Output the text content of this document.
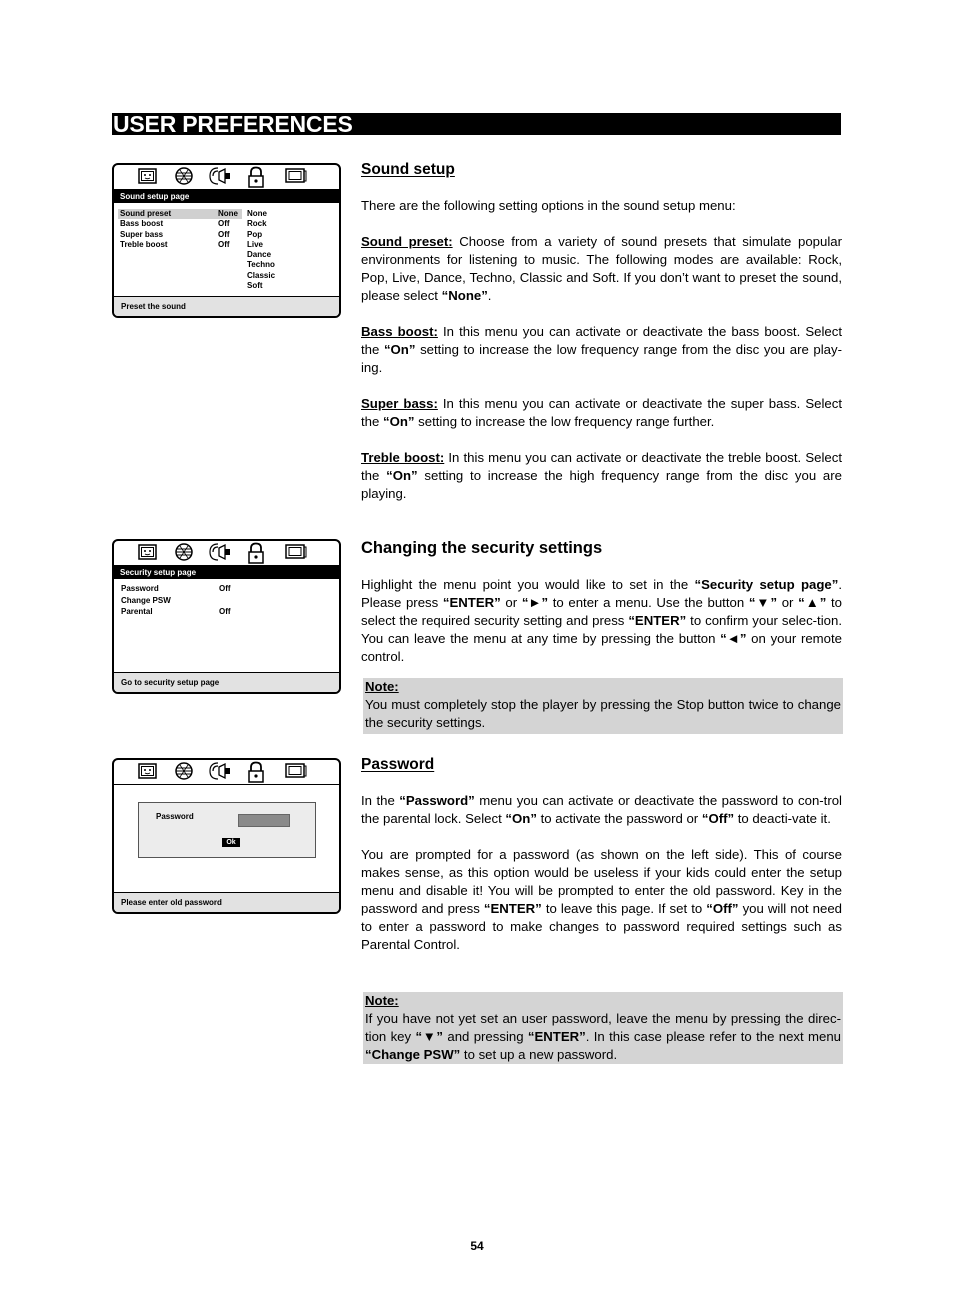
USER PREFERENCES
Sound setup page
Sound preset	None
Bass boost	Off
Super bass	Off
Treble boost	Off
None
Rock
Pop
Live
Dance
Techno
Classic
Soft
Preset the sound
Security setup page
Password	Off
Change PSW
Parental	Off
Go to security setup page
Password
Ok
Please enter old password
Sound setup

There are the following setting options in the sound setup menu:

Sound preset: Choose from a variety of sound presets that simulate popular environments for listening to music. The following modes are available: Rock, Pop, Live, Dance, Techno, Classic and Soft. If you don’t want to preset the sound, please select “None”.

Bass boost: In this menu you can activate or deactivate the bass boost. Select the “On” setting to increase the low frequency range from the disc you are play-ing.

Super bass: In this menu you can activate or deactivate the super bass. Select the “On” setting to increase the low frequency range further.

Treble boost: In this menu you can activate or deactivate the treble boost. Select the “On” setting to increase the high frequency range from the disc you are playing.

Changing the security settings

Highlight the menu point you would like to set in the “Security setup page”. Please press “ENTER” or “►” to enter a menu. Use the button “▼” or “▲” to select the required security setting and press “ENTER” to confirm your selec-tion. You can leave the menu at any time by pressing the button “◄” on your remote control.

Note:
You must completely stop the player by pressing the Stop button twice to change the security settings.
Password

In the “Password” menu you can activate or deactivate the password to con-trol the parental lock. Select “On” to activate the password or “Off” to deacti-vate it.

You are prompted for a password (as shown on the left side). This of course makes sense, as this option would be useless if your kids could enter the setup menu and disable it! You will be prompted to enter the old password. Key in the password and press “ENTER” to leave this page. If set to “Off” you will not need to enter a password to make changes to password required settings such as Parental Control.

Note:
If you have not yet set an user password, leave the menu by pressing the direc-tion key “▼” and pressing “ENTER”. In this case please refer to the next menu “Change PSW” to set up a new password.
54
